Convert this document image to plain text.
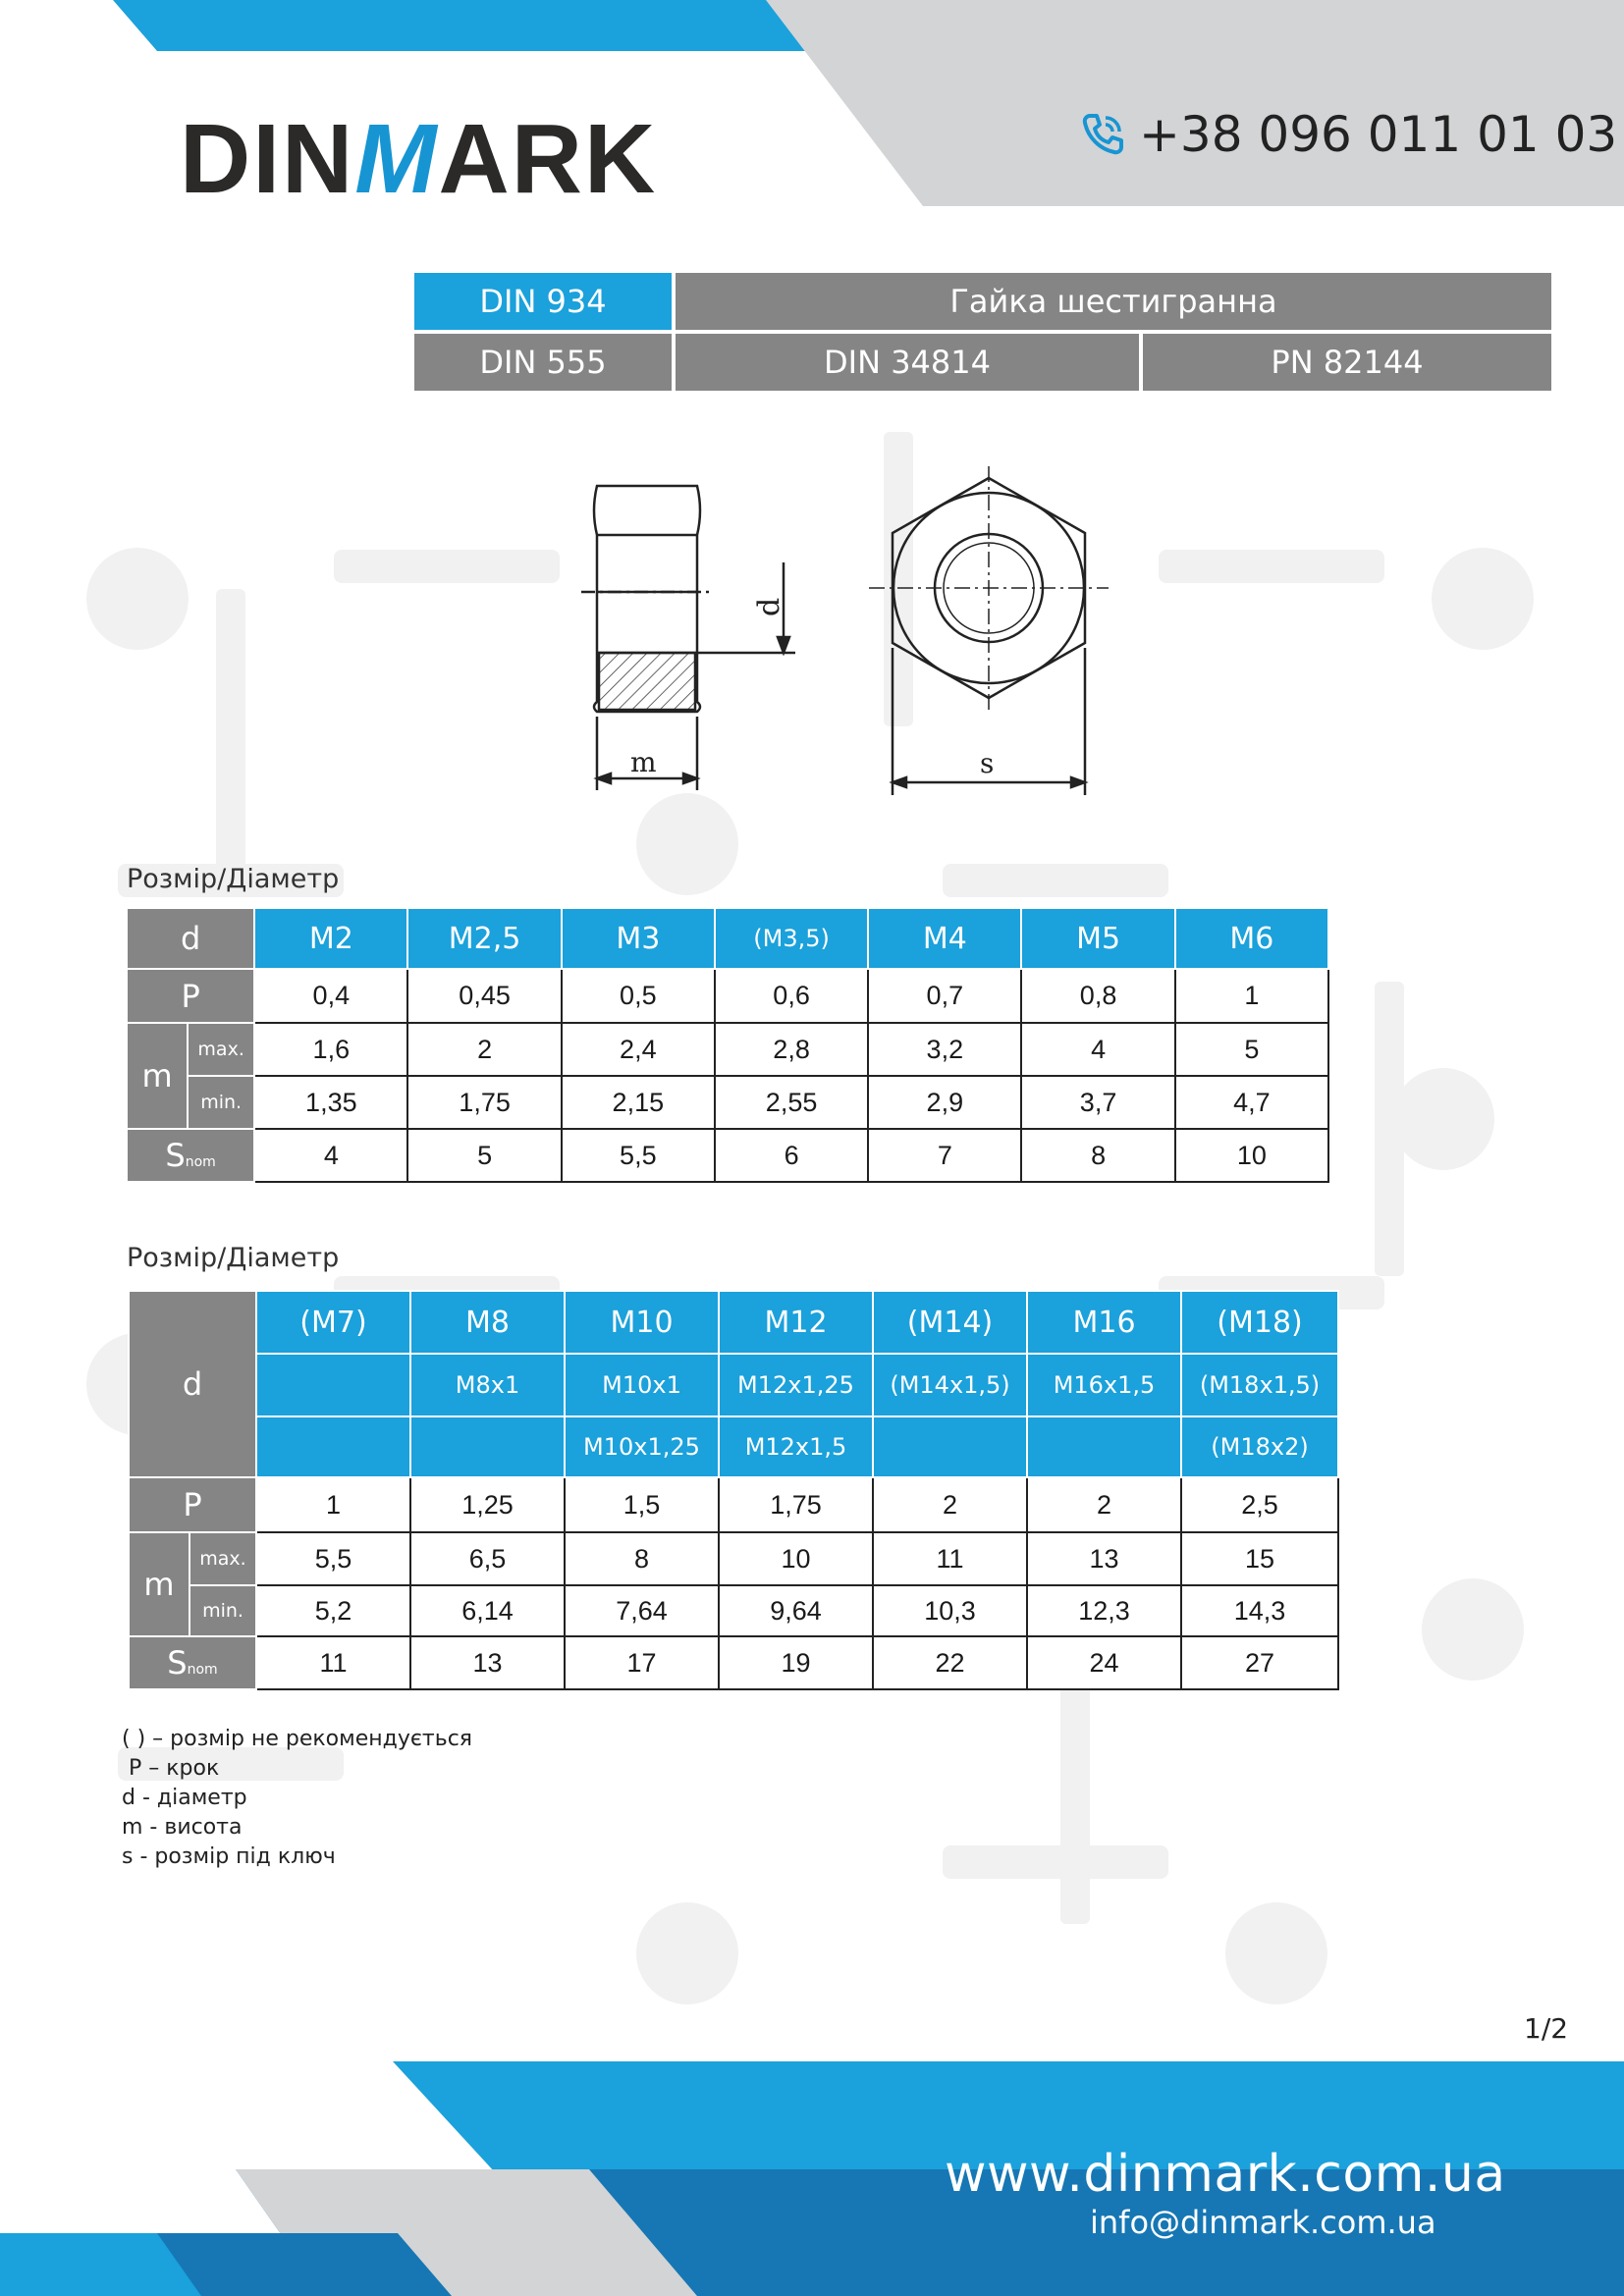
DINMARK	+38 096 011 01 03
DIN 934	Гайка шестигранна
DIN 555	DIN 34814	PN 82144
d
m	s
Розмір/Діаметр
d		M2	M2,5	M3	(M3,5)	M4	M5	M6
P		0,4	0,45	0,5	0,6	0,7	0,8	1
m	max.	1,6	2	2,4	2,8	3,2	4	5
	min.	1,35	1,75	2,15	2,55	2,9	3,7	4,7
Snom		4	5	5,5	6	7	8	10
Розмір/Діаметр
d		(M7)	M8	M10	M12	(M14)	M16	(M18)
			M8x1	M10x1	M12x1,25	(M14x1,5)	M16x1,5	(M18x1,5)
				M10x1,25	M12x1,5			(M18x2)
P		1	1,25	1,5	1,75	2	2	2,5
m	max.	5,5	6,5	8	10	11	13	15
	min.	5,2	6,14	7,64	9,64	10,3	12,3	14,3
Snom		11	13	17	19	22	24	27
( ) – розмір не рекомендується
P – крок
d - діаметр
m - висота
s - розмір під ключ
1/2
www.dinmark.com.ua
info@dinmark.com.ua
